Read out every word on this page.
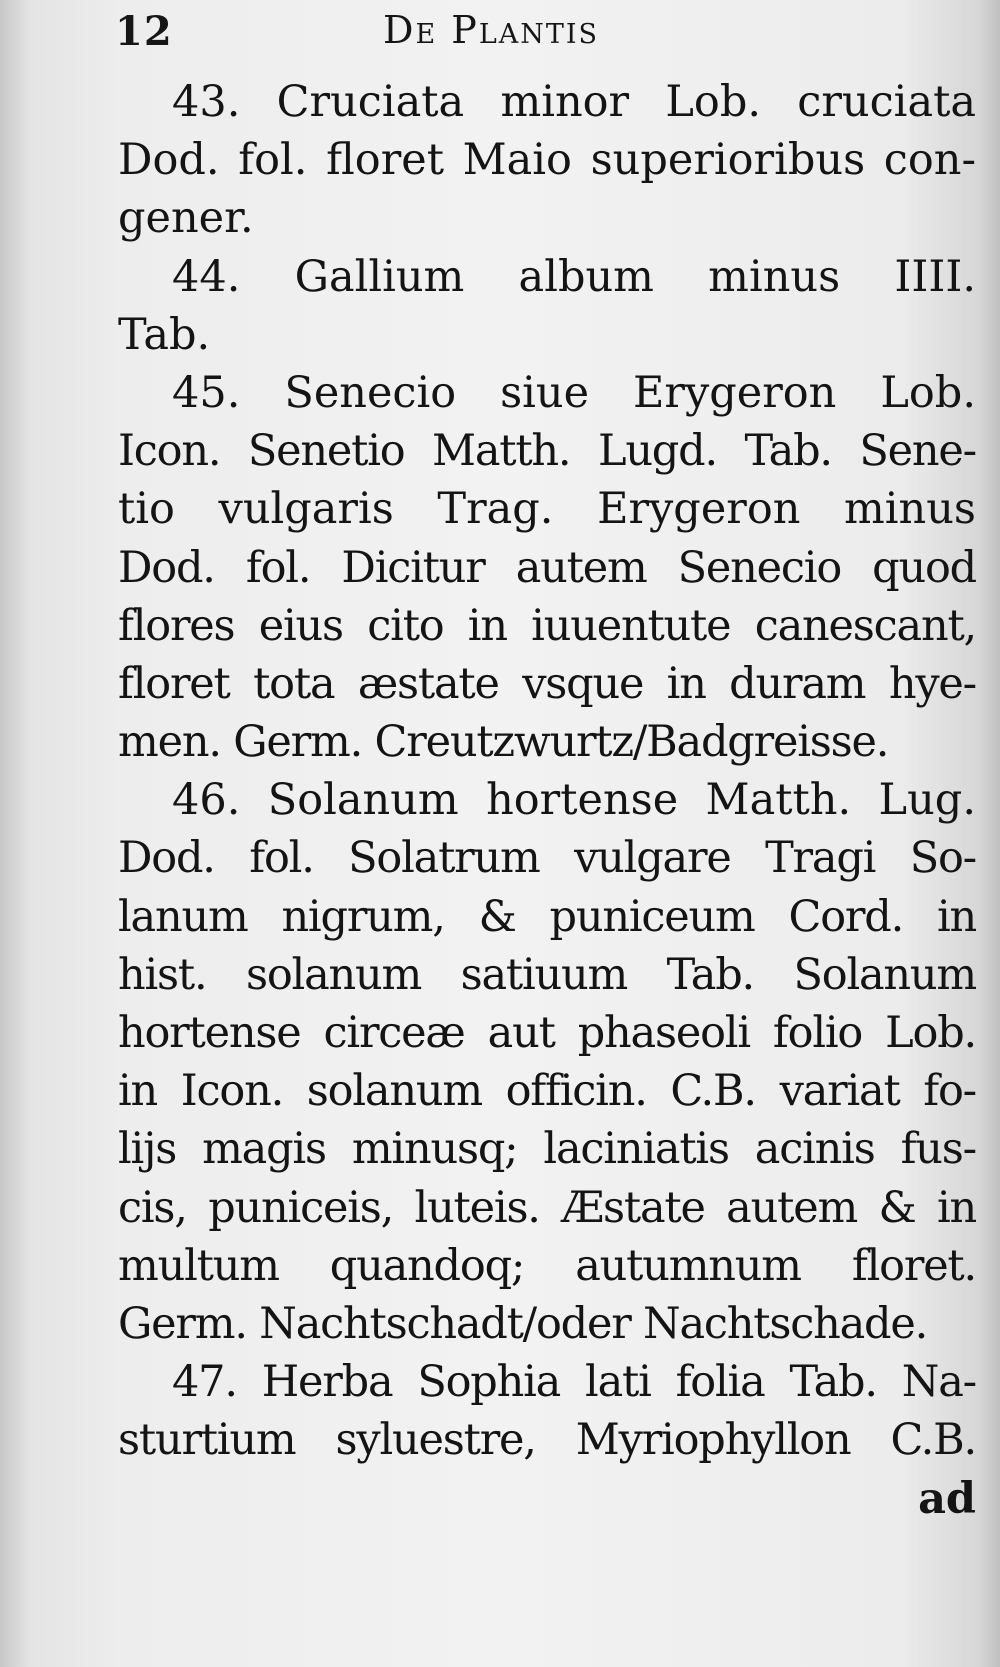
12	De Plantis
43. Cruciata minor Lob. cruciata
Dod. fol. floret Maio superioribus con-
gener.
44. Gallium album minus IIII.
Tab.
45. Senecio siue Erygeron Lob.
Icon. Senetio Matth. Lugd. Tab. Sene-
tio vulgaris Trag. Erygeron minus
Dod. fol. Dicitur autem Senecio quod
flores eius cito in iuuentute canescant,
floret tota æstate vsque in duram hye-
men. Germ. Creutzwurtz/Badgreisse.
46. Solanum hortense Matth. Lug.
Dod. fol. Solatrum vulgare Tragi So-
lanum nigrum, & puniceum Cord. in
hist. solanum satiuum Tab. Solanum
hortense circeæ aut phaseoli folio Lob.
in Icon. solanum officin. C.B. variat fo-
lijs magis minusq; laciniatis acinis fus-
cis, puniceis, luteis. Æstate autem & in
multum quandoq; autumnum floret.
Germ. Nachtschadt/oder Nachtschade.
47. Herba Sophia lati folia Tab. Na-
sturtium syluestre, Myriophyllon C.B.
ad
